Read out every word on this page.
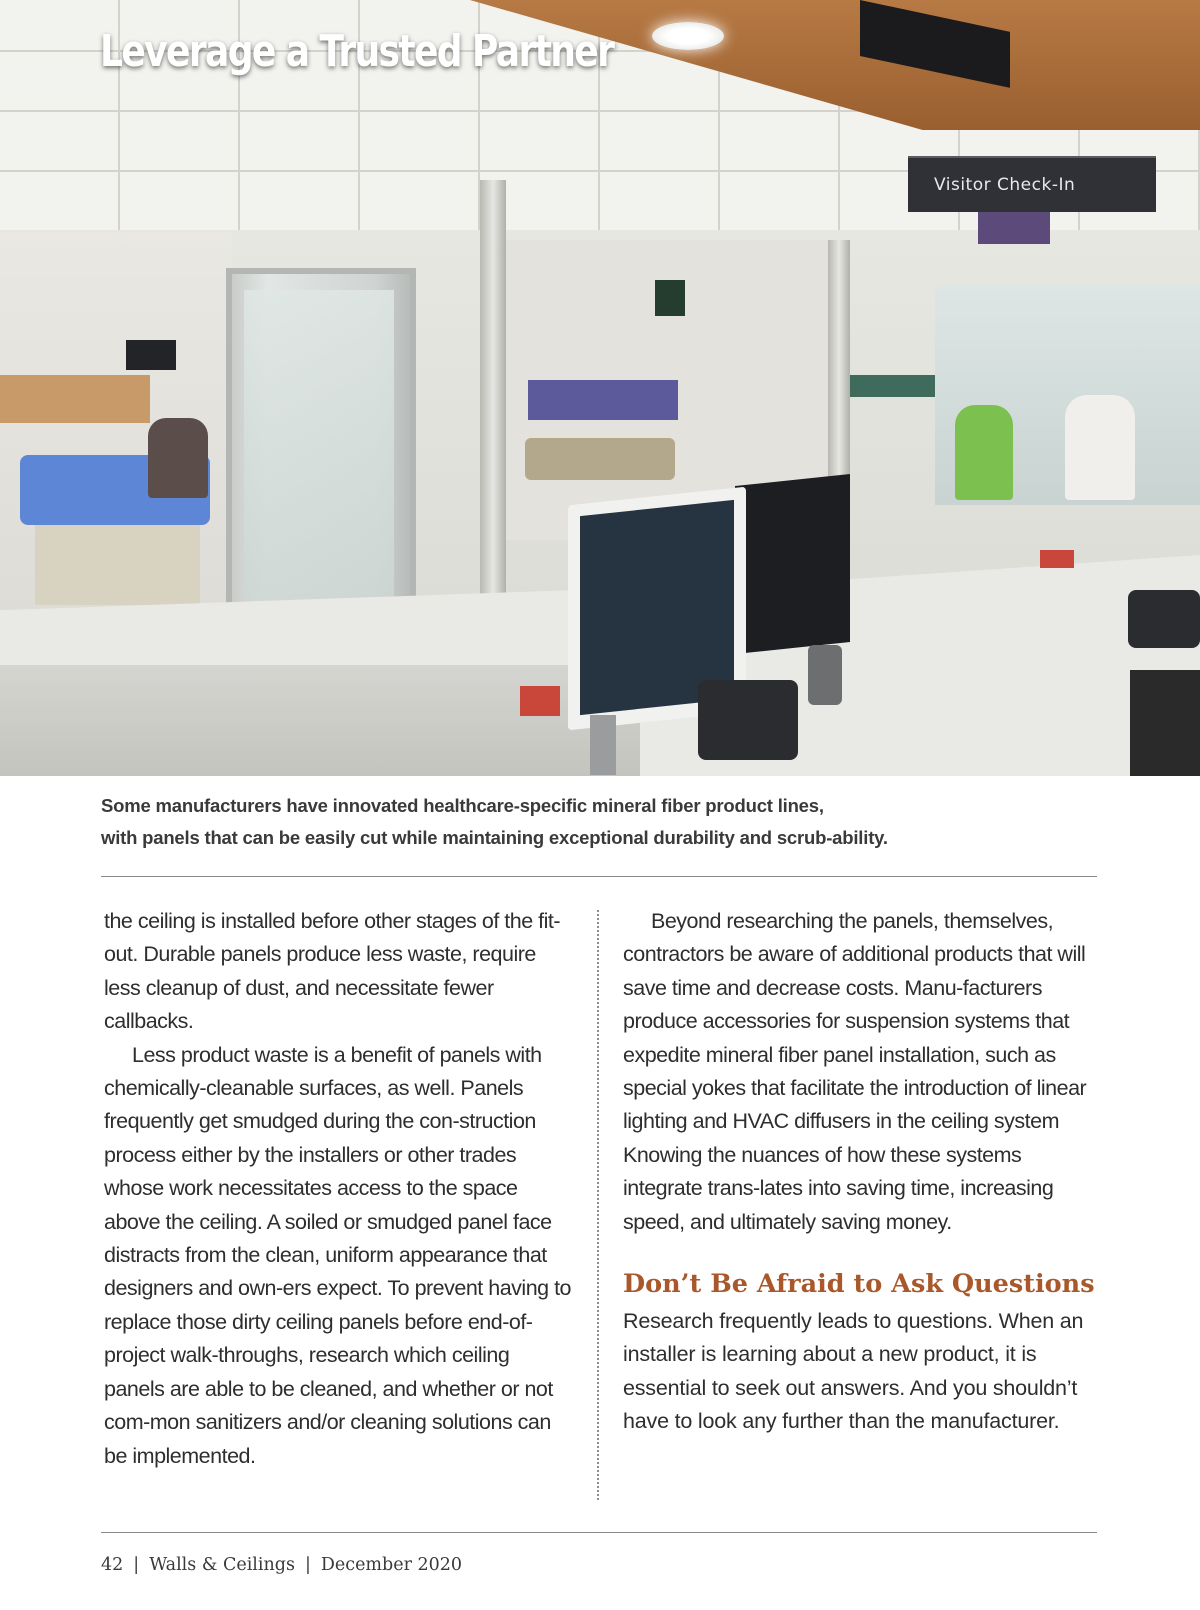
Visitor Check-In
Leverage a Trusted Partner

Some manufacturers have innovated healthcare-specific mineral fiber product lines,
with panels that can be easily cut while maintaining exceptional durability and scrub-ability.

the ceiling is installed before other stages of the fit-out. Durable panels produce less waste, require less cleanup of dust, and necessitate fewer callbacks.

Less product waste is a benefit of panels with chemically-cleanable surfaces, as well. Panels frequently get smudged during the con-struction process either by the installers or other trades whose work necessitates access to the space above the ceiling. A soiled or smudged panel face distracts from the clean, uniform appearance that designers and own-ers expect. To prevent having to replace those dirty ceiling panels before end-of-project walk-throughs, research which ceiling panels are able to be cleaned, and whether or not com-mon sanitizers and/or cleaning solutions can be implemented.

Beyond researching the panels, themselves, contractors be aware of additional products that will save time and decrease costs. Manu-facturers produce accessories for suspension systems that expedite mineral fiber panel installation, such as special yokes that facilitate the introduction of linear lighting and HVAC diffusers in the ceiling system Knowing the nuances of how these systems integrate trans-lates into saving time, increasing speed, and ultimately saving money.

Don’t Be Afraid to Ask Questions

Research frequently leads to questions. When an installer is learning about a new product, it is essential to seek out answers. And you shouldn’t have to look any further than the manufacturer.

42 | Walls & Ceilings | December 2020
